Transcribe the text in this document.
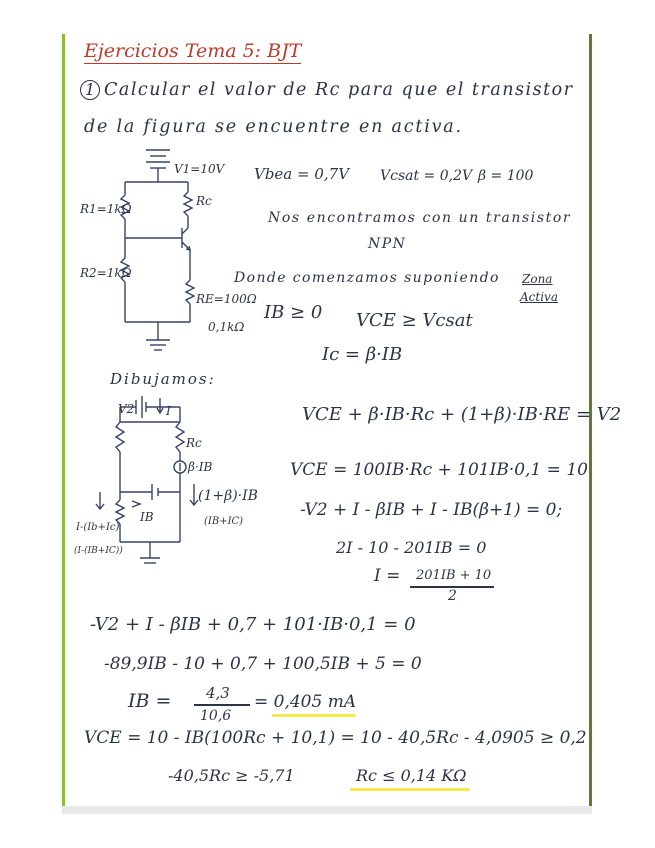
Ejercicios Tema 5: BJT
1 Calcular el valor de Rc para que el transistor
de la figura se encuentre en activa.
V1=10V
Rc
R1=1kΩ
R2=1kΩ
RE=100Ω
0,1kΩ
Vbea = 0,7V Vcsat = 0,2V β = 100
Nos encontramos con un transistor
NPN
Donde comenzamos suponiendo Zona
Activa
IB ≥ 0 VCE ≥ Vcsat
Ic = β·IB
Dibujamos:
V2	I
Rc
β·IB
(1+β)·IB
(IB+IC)
IB
I-(Ib+Ic)
(I-(IB+IC))
VCE + β·IB·Rc + (1+β)·IB·RE = V2
VCE = 100IB·Rc + 101IB·0,1 = 10
-V2 + I - βIB + I - IB(β+1) = 0;
2I - 10 - 201IB = 0
I = 201IB + 10
2
-V2 + I - βIB + 0,7 + 101·IB·0,1 = 0
-89,9IB - 10 + 0,7 + 100,5IB + 5 = 0
IB = 4,3
10,6
= 0,405 mA
VCE = 10 - IB(100Rc + 10,1) = 10 - 40,5Rc - 4,0905 ≥ 0,2
-40,5Rc ≥ -5,71	Rc ≤ 0,14 KΩ
